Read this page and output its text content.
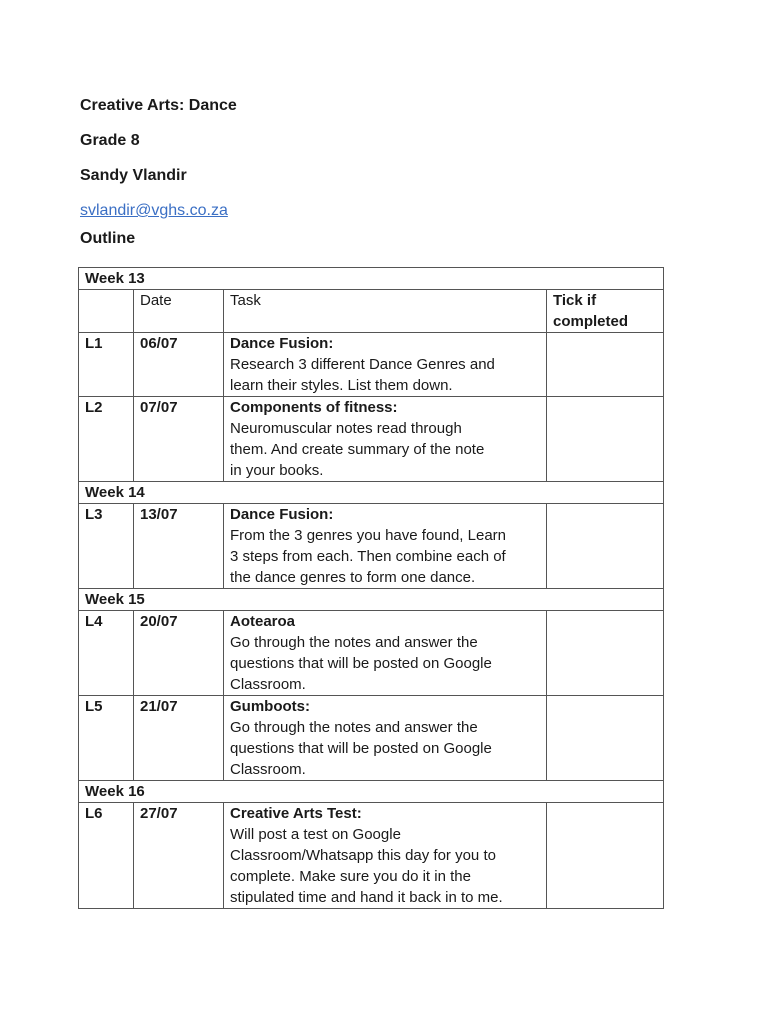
Creative Arts: Dance
Grade 8
Sandy Vlandir
svlandir@vghs.co.za
Outline
Week 13			
	Date	Task	Tick if
completed

L1	06/07	Dance Fusion:
Research 3 different Dance Genres and
learn their styles. List them down.	

L2	07/07	Components of fitness:
Neuromuscular notes read through
them. And create summary of the note
in your books.	

Week 14			
L3	13/07	Dance Fusion:
From the 3 genres you have found, Learn
3 steps from each. Then combine each of
the dance genres to form one dance.	

Week 15			
L4	20/07	Aotearoa
Go through the notes and answer the
questions that will be posted on Google
Classroom.	

L5	21/07	Gumboots:
Go through the notes and answer the
questions that will be posted on Google
Classroom.	

Week 16			
L6	27/07	Creative Arts Test:
Will post a test on Google
Classroom/Whatsapp this day for you to
complete. Make sure you do it in the
stipulated time and hand it back in to me.	
